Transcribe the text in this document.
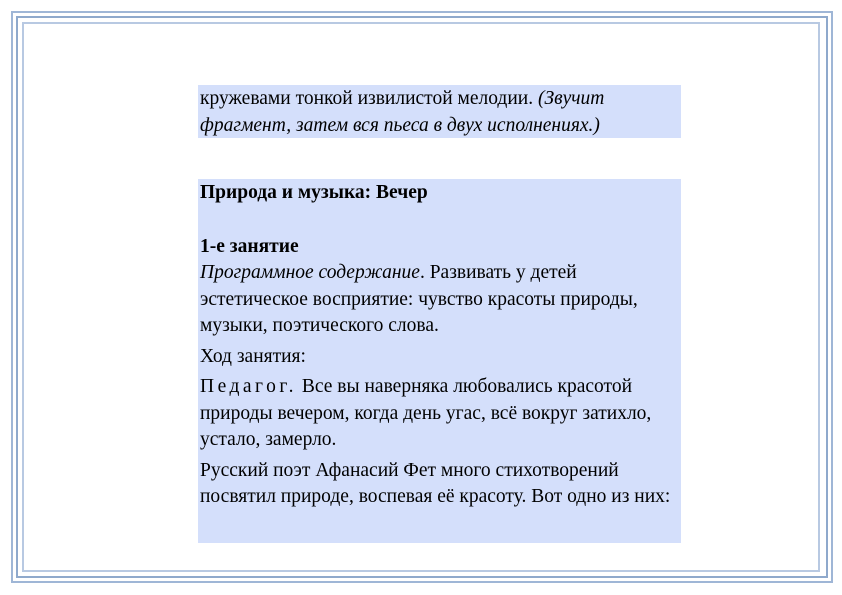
кружевами тонкой извилистой мелодии. (Звучит фрагмент, затем вся пьеса в двух исполнениях.)

Природа и музыка: Вечер

1-е занятие

Программное содержание. Развивать у детей эстетическое восприятие: чувство красоты природы, музыки, поэтического слова.

Ход занятия:

Педагог. Все вы наверняка любовались красотой природы вечером, когда день угас, всё вокруг затихло, устало, замерло.

Русский поэт Афанасий Фет много стихотворений посвятил природе, воспевая её красоту. Вот одно из них:
